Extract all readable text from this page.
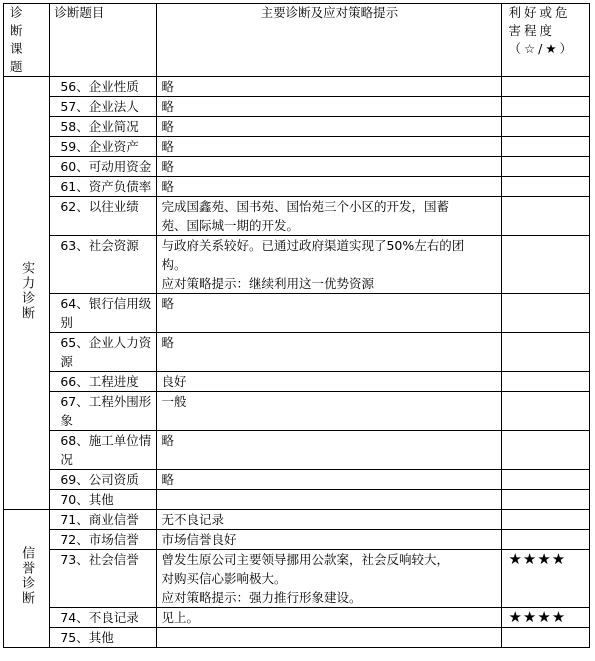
诊断课题	诊断题目	主要诊断及应对策略提示	利好或危害程度（☆/★）
实力诊断	56、企业性质	略	

	57、企业法人	略	

	58、企业简况	略	

	59、企业资产	略	

	60、可动用资金	略	

	61、资产负债率	略	

	62、以往业绩	完成国鑫苑、国书苑、国怡苑三个小区的开发，国蓄
苑、国际城一期的开发。	

	63、社会资源	与政府关系较好。已通过政府渠道实现了50%左右的团
构。
应对策略提示：继续利用这一优势资源	

	64、银行信用级别	略	

	65、企业人力资源	略	

	66、工程进度	良好	

	67、工程外围形象	一般	

	68、施工单位情况	略	

	69、公司资质	略	

	70、其他	

信誉诊断	71、商业信誉	无不良记录	

	72、市场信誉	市场信誉良好	

	73、社会信誉	曾发生原公司主要领导挪用公款案，社会反响较大，
对购买信心影响极大。
应对策略提示：强力推行形象建设。	★★★★
	74、不良记录	见上。	★★★★
	75、其他	
